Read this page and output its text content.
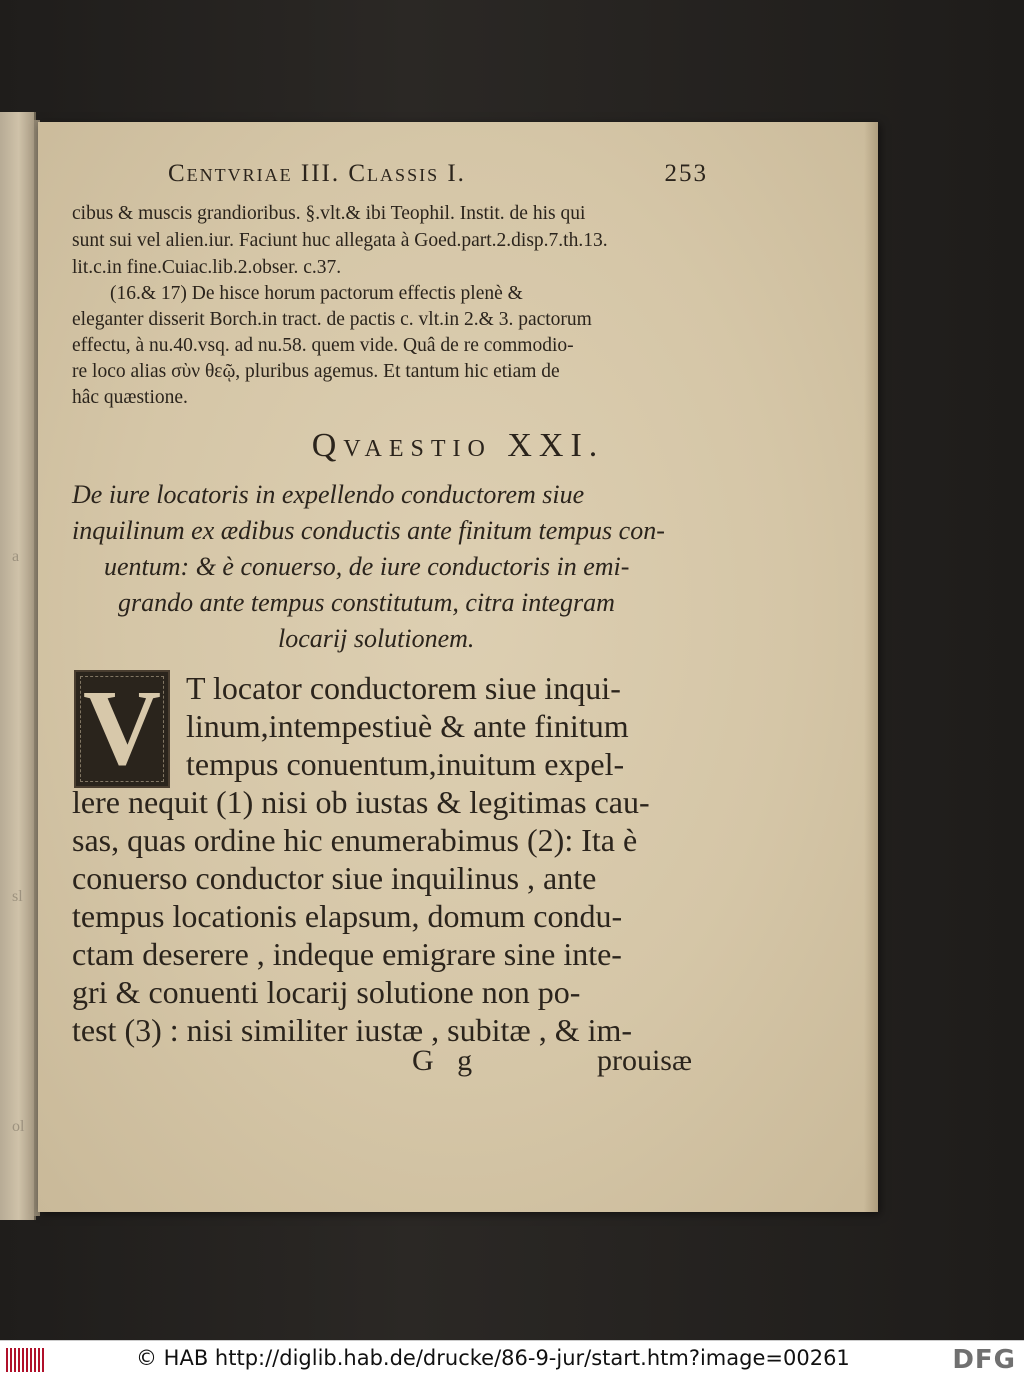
a
sl
ol
Centvriae III. Classis I.	253
cibus & muscis grandioribus. §.vlt.& ibi Teophil. Instit. de his qui
sunt sui vel alien.iur. Faciunt huc allegata à Goed.part.2.disp.7.th.13.
lit.c.in fine.Cuiac.lib.2.obser. c.37.
(16.& 17) De hisce horum pactorum effectis plenè &
eleganter disserit Borch.in tract. de pactis c. vlt.in 2.& 3. pactorum
effectu, à nu.40.vsq. ad nu.58. quem vide. Quâ de re commodio-
re loco alias σὺν θεῷ, pluribus agemus. Et tantum hic etiam de
hâc quæstione.
Qvaestio XXI.
De iure locatoris in expellendo conductorem siue
inquilinum ex ædibus conductis ante finitum tempus con-
uentum: & è conuerso, de iure conductoris in emi-
grando ante tempus constitutum, citra integram
locarij solutionem.
V T locator conductorem siue inqui-
linum,intempestiuè & ante finitum
tempus conuentum,inuitum expel-
lere nequit (1) nisi ob iustas & legitimas cau-
sas, quas ordine hic enumerabimus (2): Ita è
conuerso conductor siue inquilinus , ante
tempus locationis elapsum, domum condu-
ctam deserere , indeque emigrare sine inte-
gri & conuenti locarij solutione non po-
test (3) : nisi similiter iustæ , subitæ , & im-
G g	prouisæ
© HAB http://diglib.hab.de/drucke/86-9-jur/start.htm?image=00261	DFG
